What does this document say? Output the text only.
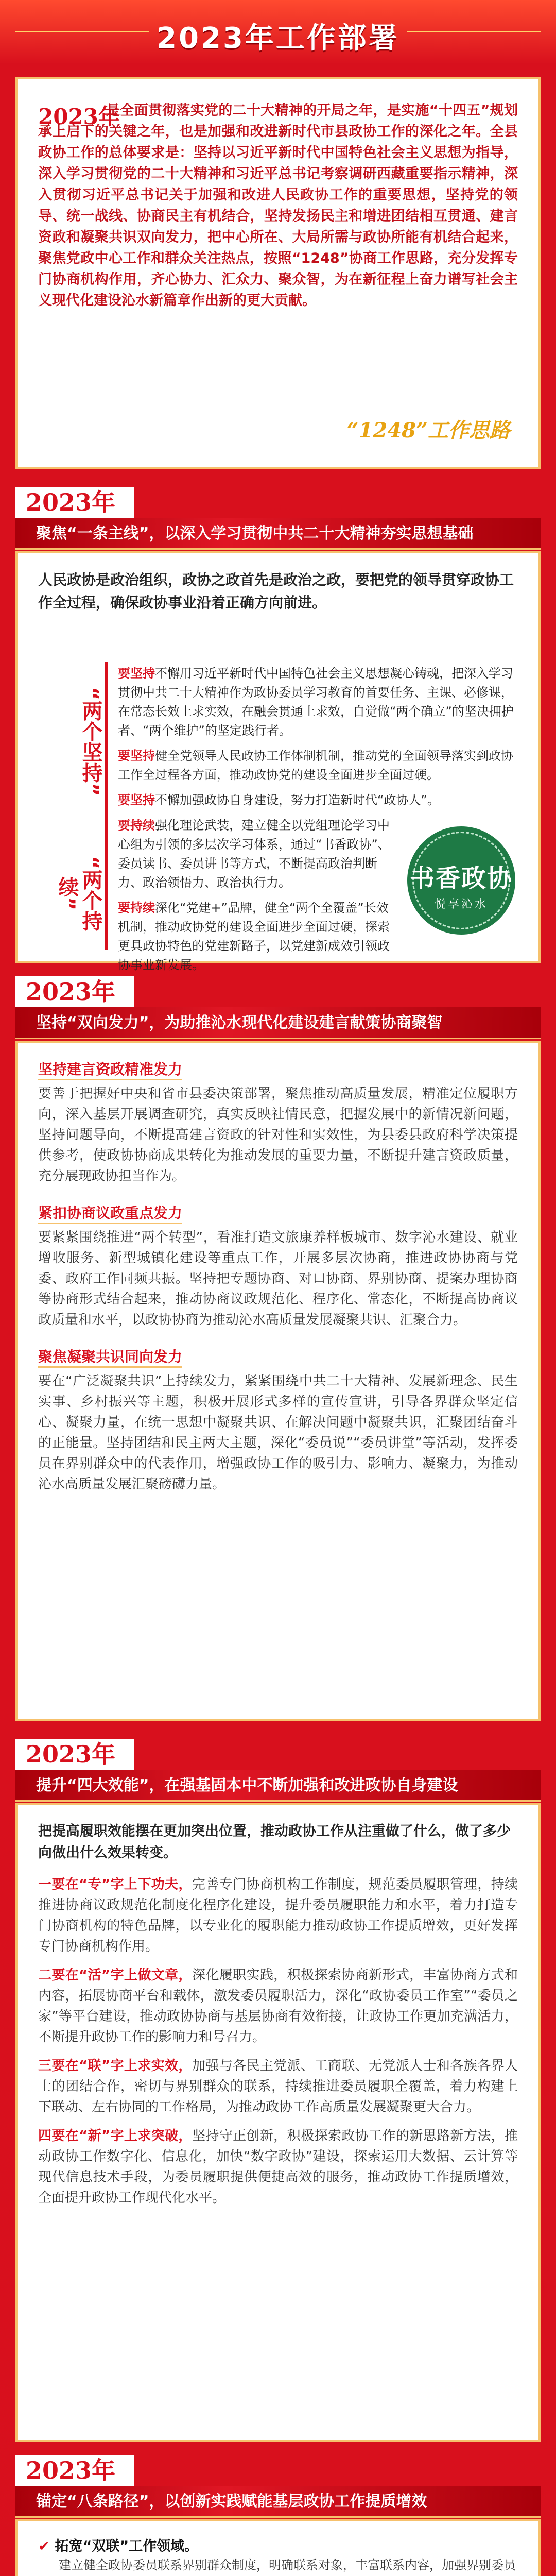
2023年工作部署
2023年
是全面贯彻落实党的二十大精神的开局之年，是实施“十四五”规划承上启下的关键之年，也是加强和改进新时代市县政协工作的深化之年。全县政协工作的总体要求是：坚持以习近平新时代中国特色社会主义思想为指导，深入学习贯彻党的二十大精神和习近平总书记考察调研西藏重要指示精神，深入贯彻习近平总书记关于加强和改进人民政协工作的重要思想，坚持党的领导、统一战线、协商民主有机结合，坚持发扬民主和增进团结相互贯通、建言资政和凝聚共识双向发力，把中心所在、大局所需与政协所能有机结合起来，聚焦党政中心工作和群众关注热点，按照“1248”协商工作思路，充分发挥专门协商机构作用，齐心协力、汇众力、聚众智，为在新征程上奋力谱写社会主义现代化建设沁水新篇章作出新的更大贡献。
“1248”工作思路
2023年
聚焦“一条主线”，以深入学习贯彻中共二十大精神夯实思想基础
人民政协是政治组织，政协之政首先是政治之政，要把党的领导贯穿政协工作全过程，确保政协事业沿着正确方向前进。
“两个坚持”
“两个持续”
要坚持不懈用习近平新时代中国特色社会主义思想凝心铸魂，把深入学习贯彻中共二十大精神作为政协委员学习教育的首要任务、主课、必修课，在常态长效上求实效，在融会贯通上求效，自觉做“两个确立”的坚决拥护者、“两个维护”的坚定践行者。
要坚持健全党领导人民政协工作体制机制，推动党的全面领导落实到政协工作全过程各方面，推动政协党的建设全面进步全面过硬。
要坚持不懈加强政协自身建设，努力打造新时代“政协人”。
要持续强化理论武装，建立健全以党组理论学习中心组为引领的多层次学习体系，通过“书香政协”、委员读书、委员讲书等方式，不断提高政治判断力、政治领悟力、政治执行力。
要持续深化“党建+”品牌，健全“两个全覆盖”长效机制，推动政协党的建设全面进步全面过硬，探索更具政协特色的党建新路子，以党建新成效引领政协事业新发展。
书香政协
悦享沁水
2023年
坚持“双向发力”，为助推沁水现代化建设建言献策协商聚智
坚持建言资政精准发力
要善于把握好中央和省市县委决策部署，聚焦推动高质量发展，精准定位履职方向，深入基层开展调查研究，真实反映社情民意，把握发展中的新情况新问题，坚持问题导向，不断提高建言资政的针对性和实效性，为县委县政府科学决策提供参考，使政协协商成果转化为推动发展的重要力量，不断提升建言资政质量，充分展现政协担当作为。
紧扣协商议政重点发力
要紧紧围绕推进“两个转型”，看准打造文旅康养样板城市、数字沁水建设、就业增收服务、新型城镇化建设等重点工作，开展多层次协商，推进政协协商与党委、政府工作同频共振。坚持把专题协商、对口协商、界别协商、提案办理协商等协商形式结合起来，推动协商议政规范化、程序化、常态化，不断提高协商议政质量和水平，以政协协商为推动沁水高质量发展凝聚共识、汇聚合力。
聚焦凝聚共识同向发力
要在“广泛凝聚共识”上持续发力，紧紧围绕中共二十大精神、发展新理念、民生实事、乡村振兴等主题，积极开展形式多样的宣传宣讲，引导各界群众坚定信心、凝聚力量，在统一思想中凝聚共识、在解决问题中凝聚共识，汇聚团结奋斗的正能量。坚持团结和民主两大主题，深化“委员说”“委员讲堂”等活动，发挥委员在界别群众中的代表作用，增强政协工作的吸引力、影响力、凝聚力，为推动沁水高质量发展汇聚磅礴力量。
2023年
提升“四大效能”，在强基固本中不断加强和改进政协自身建设
把提高履职效能摆在更加突出位置，推动政协工作从注重做了什么，做了多少向做出什么效果转变。
一要在“专”字上下功夫，完善专门协商机构工作制度，规范委员履职管理，持续推进协商议政规范化制度化程序化建设，提升委员履职能力和水平，着力打造专门协商机构的特色品牌，以专业化的履职能力推动政协工作提质增效，更好发挥专门协商机构作用。
二要在“活”字上做文章，深化履职实践，积极探索协商新形式，丰富协商方式和内容，拓展协商平台和载体，激发委员履职活力，深化“政协委员工作室”“委员之家”等平台建设，推动政协协商与基层协商有效衔接，让政协工作更加充满活力，不断提升政协工作的影响力和号召力。
三要在“联”字上求实效，加强与各民主党派、工商联、无党派人士和各族各界人士的团结合作，密切与界别群众的联系，持续推进委员履职全覆盖，着力构建上下联动、左右协同的工作格局，为推动政协工作高质量发展凝聚更大合力。
四要在“新”字上求突破，坚持守正创新，积极探索政协工作的新思路新方法，推动政协工作数字化、信息化，加快“数字政协”建设，探索运用大数据、云计算等现代信息技术手段，为委员履职提供便捷高效的服务，推动政协工作提质增效，全面提升政协工作现代化水平。
2023年
锚定“八条路径”，以创新实践赋能基层政协工作提质增效
✔ 拓宽“双联”工作领域。
建立健全政协委员联系界别群众制度，明确联系对象，丰富联系内容，加强界别委员
